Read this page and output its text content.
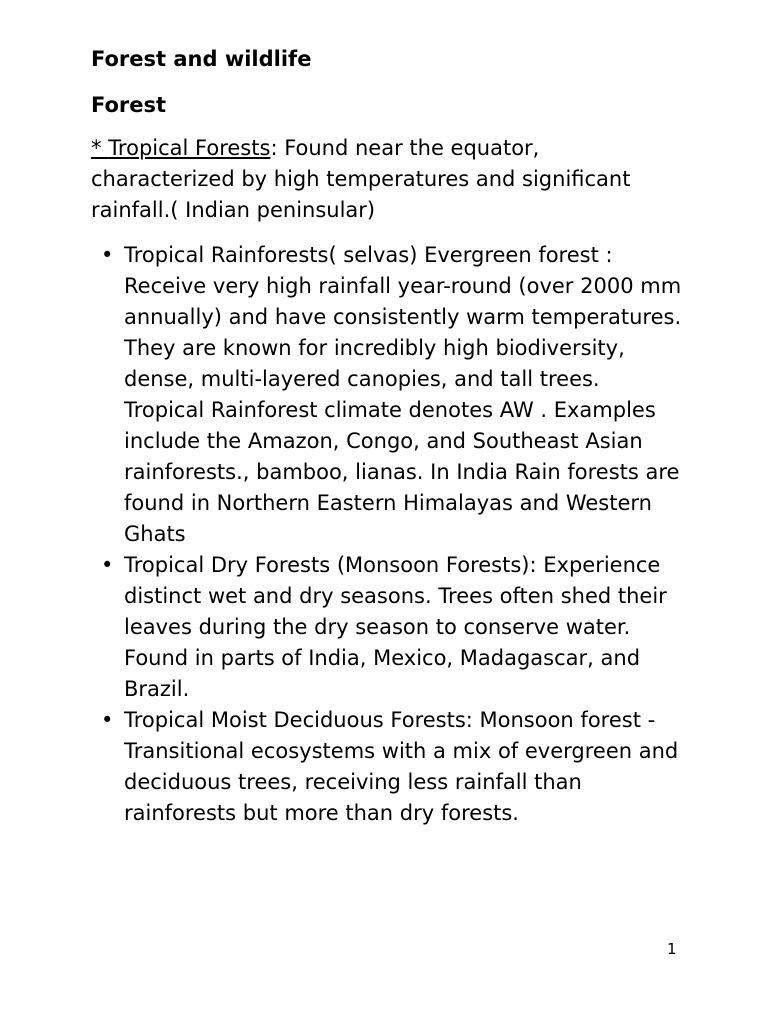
Forest and wildlife
Forest

* Tropical Forests: Found near the equator, characterized by high temperatures and significant rainfall.( Indian peninsular)

• Tropical Rainforests( selvas) Evergreen forest : Receive very high rainfall year-round (over 2000 mm annually) and have consistently warm temperatures. They are known for incredibly high biodiversity, dense, multi-layered canopies, and tall trees. Tropical Rainforest climate denotes AW . Examples include the Amazon, Congo, and Southeast Asian rainforests., bamboo, lianas. In India Rain forests are found in Northern Eastern Himalayas and Western Ghats
• Tropical Dry Forests (Monsoon Forests): Experience distinct wet and dry seasons. Trees often shed their leaves during the dry season to conserve water. Found in parts of India, Mexico, Madagascar, and Brazil.
• Tropical Moist Deciduous Forests: Monsoon forest - Transitional ecosystems with a mix of evergreen and deciduous trees, receiving less rainfall than rainforests but more than dry forests.
1
